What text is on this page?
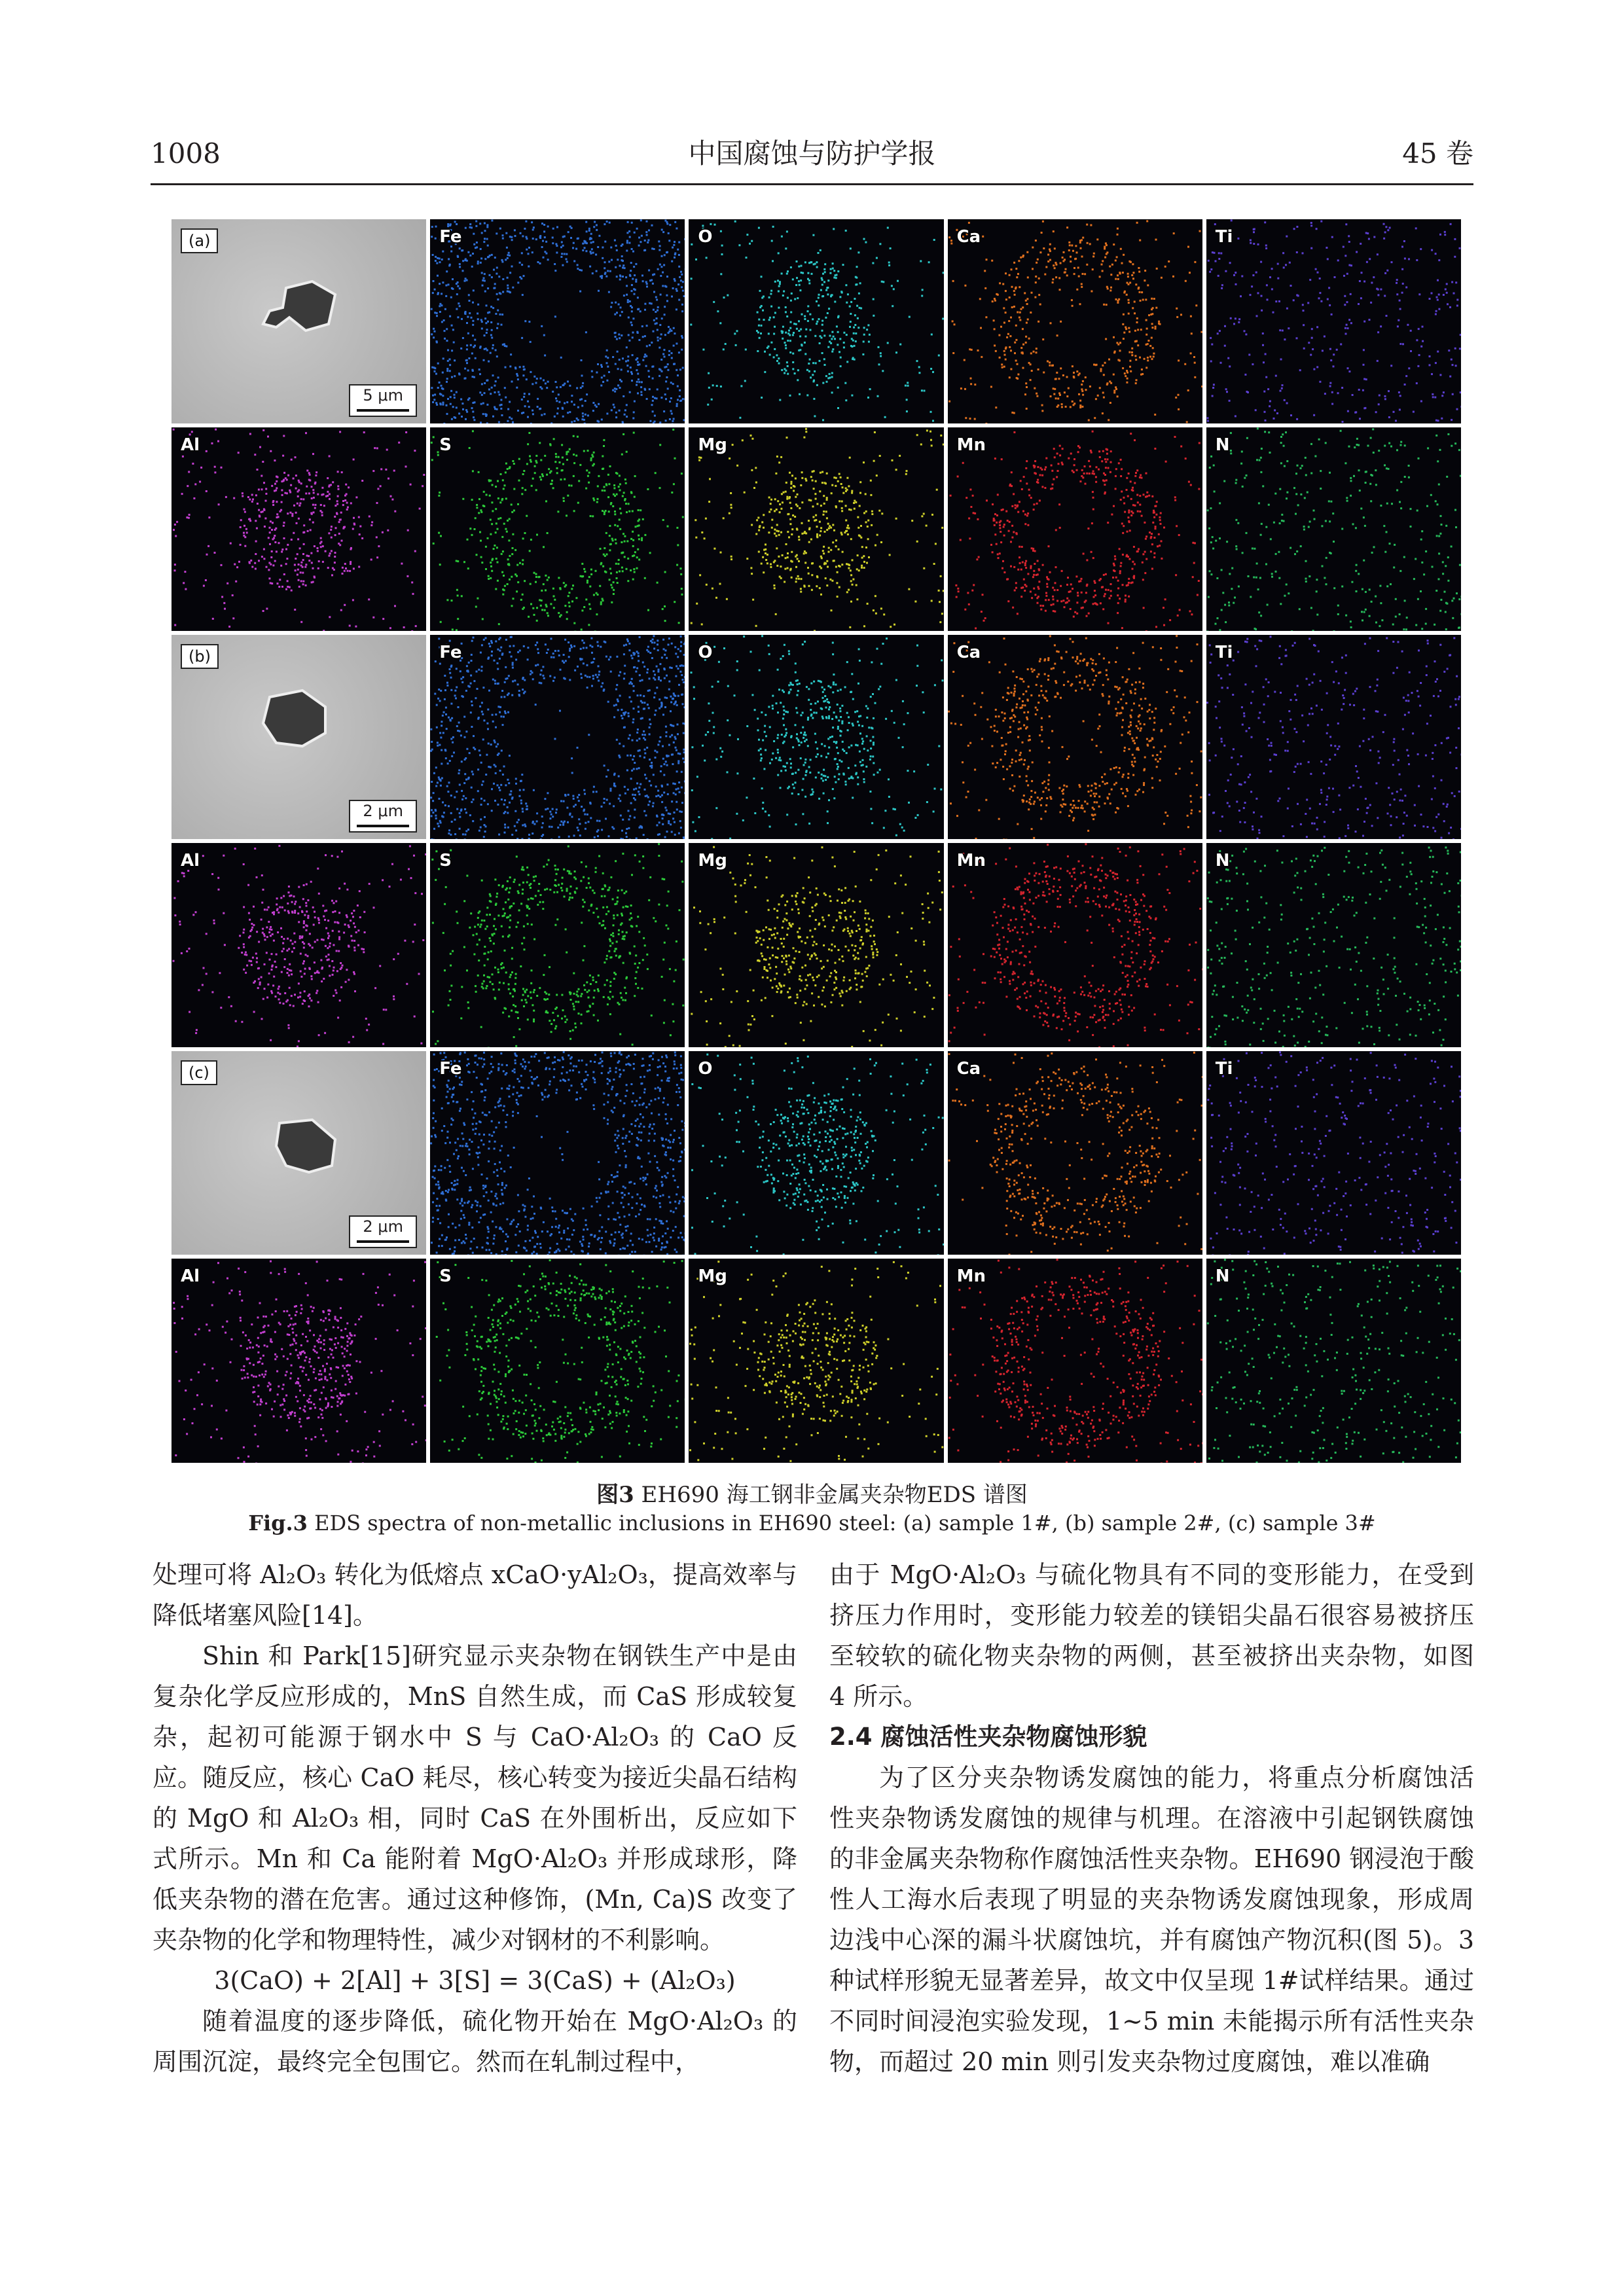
1008	中国腐蚀与防护学报	45 卷
(a)
5 μm
Fe	O	Ca	Ti
Al	S	Mg	Mn	N
(b)
2 μm
Fe	O	Ca	Ti
Al	S	Mg	Mn	N
(c)
2 μm
Fe	O	Ca	Ti
Al	S	Mg	Mn	N
图3 EH690 海工钢非金属夹杂物EDS 谱图
Fig.3 EDS spectra of non-metallic inclusions in EH690 steel: (a) sample 1#, (b) sample 2#, (c) sample 3#

处理可将 Al₂O₃ 转化为低熔点 xCaO·yAl₂O₃，提高效率与降低堵塞风险[14]。

Shin 和 Park[15]研究显示夹杂物在钢铁生产中是由复杂化学反应形成的，MnS 自然生成，而 CaS 形成较复杂，起初可能源于钢水中 S 与 CaO·Al₂O₃ 的 CaO 反应。随反应，核心 CaO 耗尽，核心转变为接近尖晶石结构的 MgO 和 Al₂O₃ 相，同时 CaS 在外围析出，反应如下式所示。Mn 和 Ca 能附着 MgO·Al₂O₃ 并形成球形，降低夹杂物的潜在危害。通过这种修饰，(Mn, Ca)S 改变了夹杂物的化学和物理特性，减少对钢材的不利影响。

3(CaO) + 2[Al] + 3[S] = 3(CaS) + (Al₂O₃)

随着温度的逐步降低，硫化物开始在 MgO·Al₂O₃ 的周围沉淀，最终完全包围它。然而在轧制过程中，

由于 MgO·Al₂O₃ 与硫化物具有不同的变形能力，在受到挤压力作用时，变形能力较差的镁铝尖晶石很容易被挤压至较软的硫化物夹杂物的两侧，甚至被挤出夹杂物，如图 4 所示。

2.4 腐蚀活性夹杂物腐蚀形貌

为了区分夹杂物诱发腐蚀的能力，将重点分析腐蚀活性夹杂物诱发腐蚀的规律与机理。在溶液中引起钢铁腐蚀的非金属夹杂物称作腐蚀活性夹杂物。EH690 钢浸泡于酸性人工海水后表现了明显的夹杂物诱发腐蚀现象，形成周边浅中心深的漏斗状腐蚀坑，并有腐蚀产物沉积(图 5)。3 种试样形貌无显著差异，故文中仅呈现 1#试样结果。通过不同时间浸泡实验发现，1~5 min 未能揭示所有活性夹杂物，而超过 20 min 则引发夹杂物过度腐蚀，难以准确
